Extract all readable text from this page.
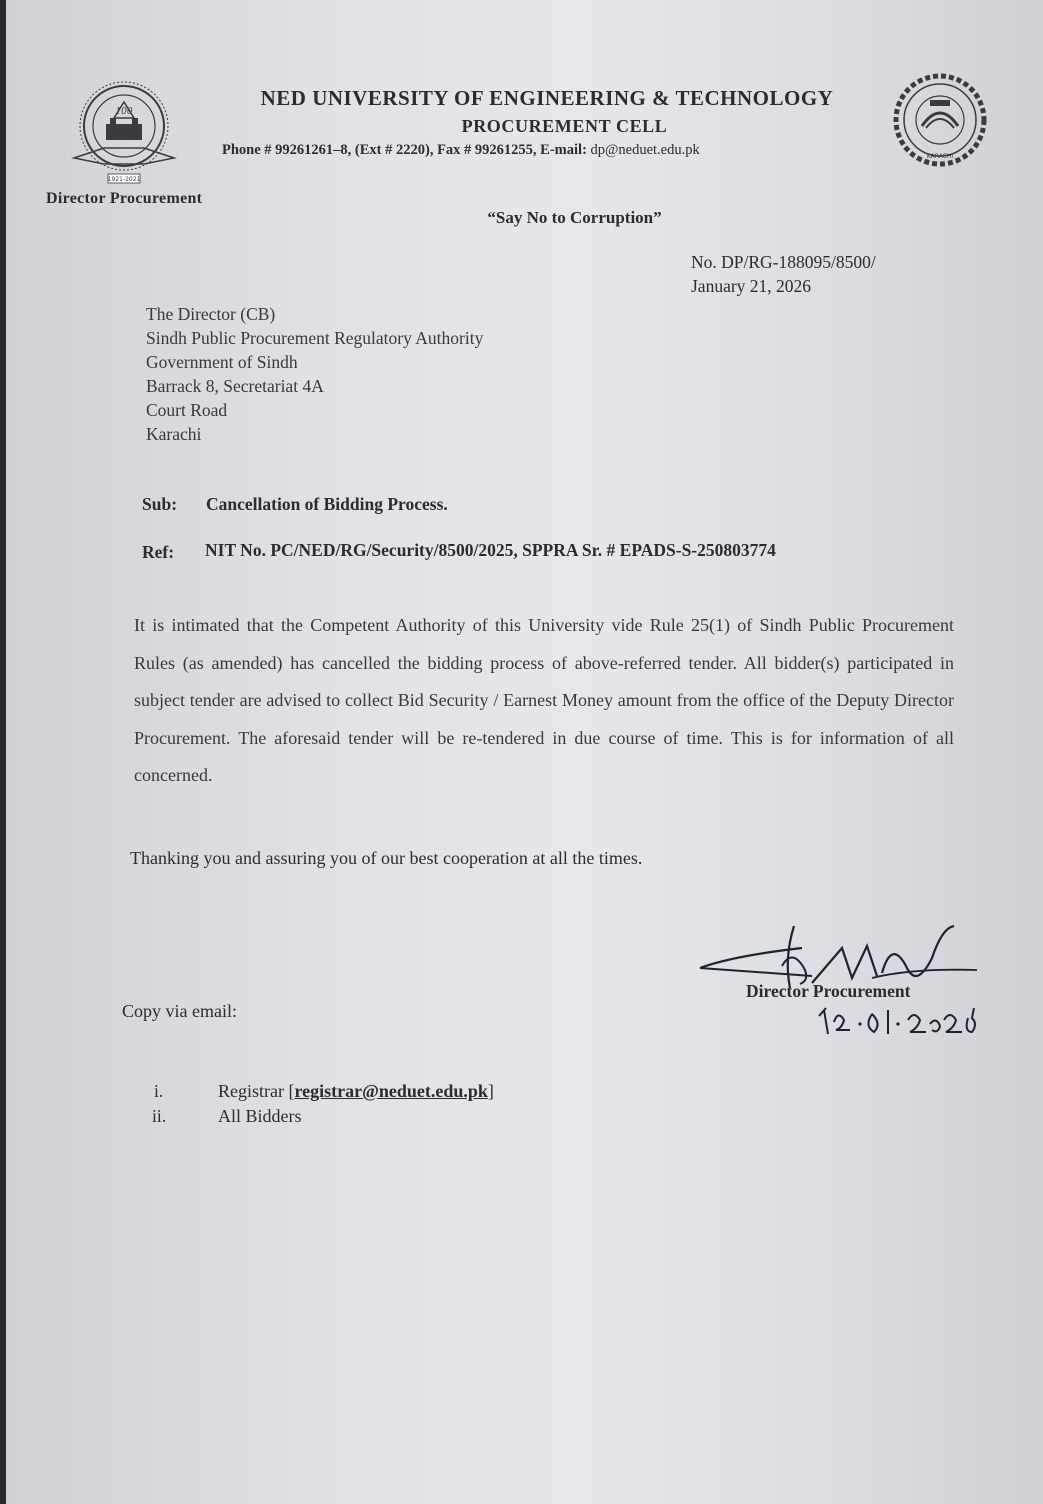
100
1921-2021
KARACHI
NED UNIVERSITY OF ENGINEERING & TECHNOLOGY
PROCUREMENT CELL
Phone # 99261261–8, (Ext # 2220), Fax # 99261255, E-mail: dp@neduet.edu.pk
Director Procurement
“Say No to Corruption”
No. DP/RG-188095/8500/
January 21, 2026
The Director (CB)
Sindh Public Procurement Regulatory Authority
Government of Sindh
Barrack 8, Secretariat 4A
Court Road
Karachi
Sub: Cancellation of Bidding Process.
Ref: NIT No. PC/NED/RG/Security/8500/2025, SPPRA Sr. # EPADS-S-250803774
It is intimated that the Competent Authority of this University vide Rule 25(1) of Sindh Public Procurement Rules (as amended) has cancelled the bidding process of above-referred tender. All bidder(s) participated in subject tender are advised to collect Bid Security / Earnest Money amount from the office of the Deputy Director Procurement. The aforesaid tender will be re-tendered in due course of time. This is for information of all concerned.
Thanking you and assuring you of our best cooperation at all the times.
Director Procurement
Copy via email:
i.	Registrar [registrar@neduet.edu.pk]
ii.	All Bidders
